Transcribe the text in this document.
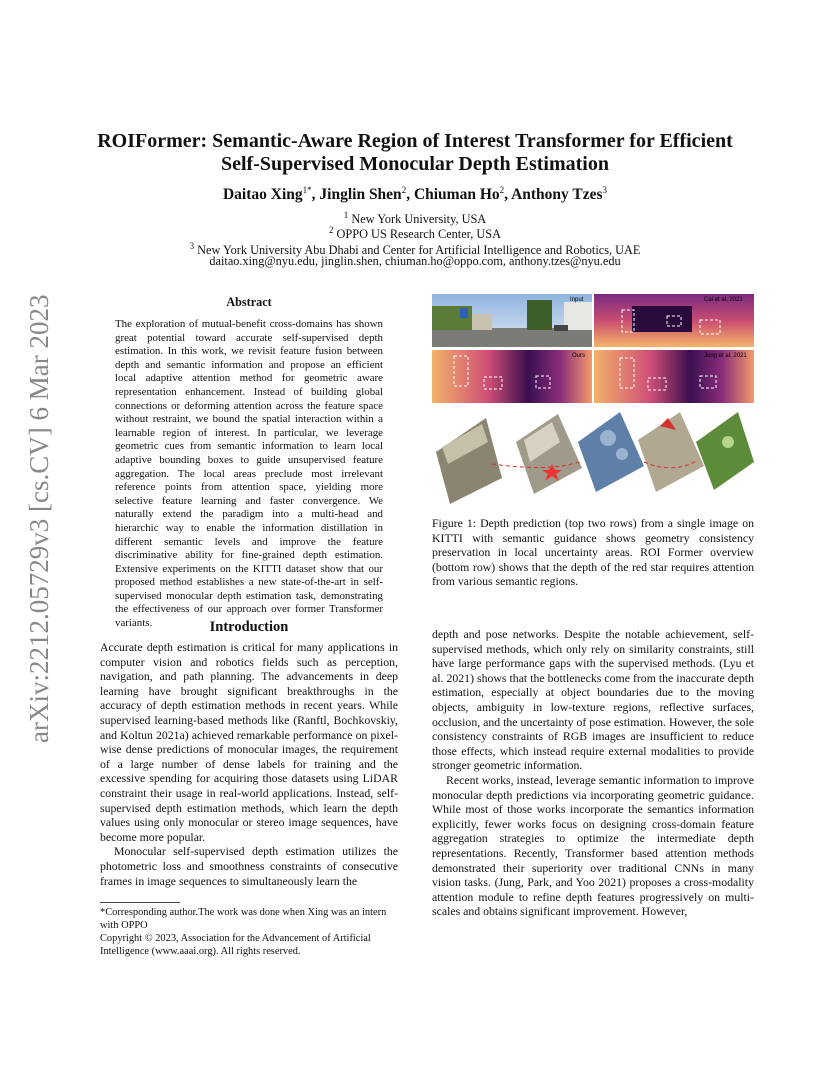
arXiv:2212.05729v3 [cs.CV] 6 Mar 2023
ROIFormer: Semantic-Aware Region of Interest Transformer for Efficient
Self-Supervised Monocular Depth Estimation
Daitao Xing$^{1*}$, Jinglin Shen$^2$, Chiuman Ho$^2$, Anthony Tzes$^3$
$^1$ New York University, USA
$^2$ OPPO US Research Center, USA
$^3$ New York University Abu Dhabi and Center for Artificial Intelligence and Robotics, UAE
daitao.xing@nyu.edu, jinglin.shen, chiuman.ho@oppo.com, anthony.tzes@nyu.edu
Abstract
The exploration of mutual-benefit cross-domains has shown great potential toward accurate self-supervised depth estimation. In this work, we revisit feature fusion between depth and semantic information and propose an efficient local adaptive attention method for geometric aware representation enhancement. Instead of building global connections or deforming attention across the feature space without restraint, we bound the spatial interaction within a learnable region of interest. In particular, we leverage geometric cues from semantic information to learn local adaptive bounding boxes to guide unsupervised feature aggregation. The local areas preclude most irrelevant reference points from attention space, yielding more selective feature learning and faster convergence. We naturally extend the paradigm into a multi-head and hierarchic way to enable the information distillation in different semantic levels and improve the feature discriminative ability for fine-grained depth estimation. Extensive experiments on the KITTI dataset show that our proposed method establishes a new state-of-the-art in self-supervised monocular depth estimation task, demonstrating the effectiveness of our approach over former Transformer variants.	Introduction

Accurate depth estimation is critical for many applications in computer vision and robotics fields such as perception, navigation, and path planning. The advancements in deep learning have brought significant breakthroughs in the accuracy of depth estimation methods in recent years. While supervised learning-based methods like (Ranftl, Bochkovskiy, and Koltun 2021a) achieved remarkable performance on pixel-wise dense predictions of monocular images, the requirement of a large number of dense labels for training and the excessive spending for acquiring those datasets using LiDAR constraint their usage in real-world applications. Instead, self-supervised depth estimation methods, which learn the depth values using only monocular or stereo image sequences, have become more popular.

Monocular self-supervised depth estimation utilizes the photometric loss and smoothness constraints of consecutive frames in image sequences to simultaneously learn the

*Corresponding author.The work was done when Xing was an intern with OPPO
Copyright © 2023, Association for the Advancement of Artificial Intelligence (www.aaai.org). All rights reserved.
Input	Cai et al. 2021
Ours	Jung et al. 2021
Figure 1: Depth prediction (top two rows) from a single image on KITTI with semantic guidance shows geometry consistency preservation in local uncertainty areas. ROI Former overview (bottom row) shows that the depth of the red star requires attention from various semantic regions.

depth and pose networks. Despite the notable achievement, self-supervised methods, which only rely on similarity constraints, still have large performance gaps with the supervised methods. (Lyu et al. 2021) shows that the bottlenecks come from the inaccurate depth estimation, especially at object boundaries due to the moving objects, ambiguity in low-texture regions, reflective surfaces, occlusion, and the uncertainty of pose estimation. However, the sole consistency constraints of RGB images are insufficient to reduce those effects, which instead require external modalities to provide stronger geometric information.

Recent works, instead, leverage semantic information to improve monocular depth predictions via incorporating geometric guidance. While most of those works incorporate the semantics information explicitly, fewer works focus on designing cross-domain feature aggregation strategies to optimize the intermediate depth representations. Recently, Transformer based attention methods demonstrated their superiority over traditional CNNs in many vision tasks. (Jung, Park, and Yoo 2021) proposes a cross-modality attention module to refine depth features progressively on multi-scales and obtains significant improvement. However,
